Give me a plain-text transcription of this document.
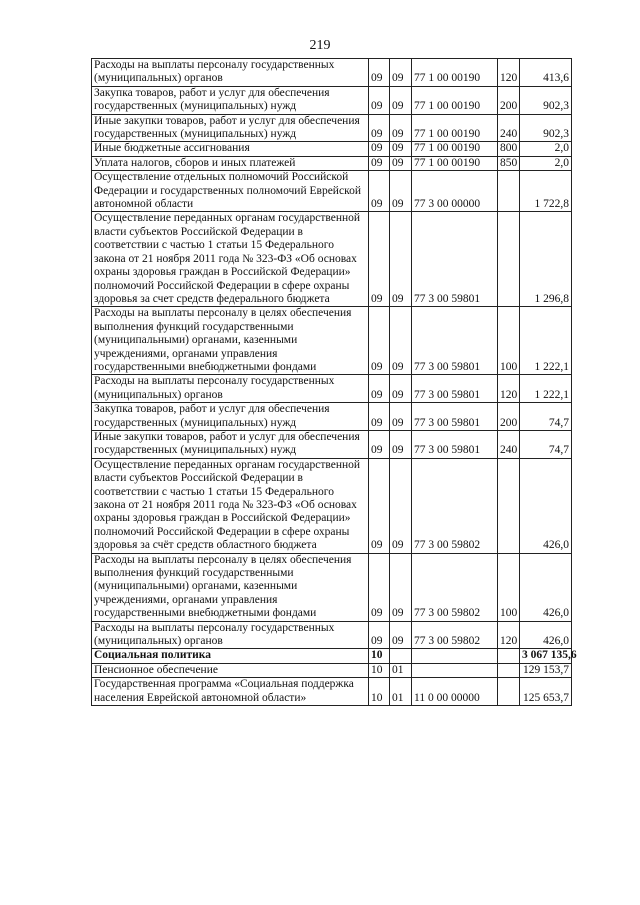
219
Расходы на выплаты персоналу государственных (муниципальных) органов	09	09	77 1 00 00190	120	413,6
Закупка товаров, работ и услуг для обеспечения государственных (муниципальных) нужд	09	09	77 1 00 00190	200	902,3
Иные закупки товаров, работ и услуг для обеспечения государственных (муниципальных) нужд	09	09	77 1 00 00190	240	902,3
Иные бюджетные ассигнования	09	09	77 1 00 00190	800	2,0
Уплата налогов, сборов и иных платежей	09	09	77 1 00 00190	850	2,0
Осуществление отдельных полномочий Российской Федерации и государственных полномочий Еврейской автономной области	09	09	77 3 00 00000		1 722,8
Осуществление переданных органам государственной власти субъектов Российской Федерации в соответствии с частью 1 статьи 15 Федерального закона от 21 ноября 2011 года № 323-ФЗ «Об основах охраны здоровья граждан в Российской Федерации» полномочий Российской Федерации в сфере охраны здоровья за счет средств федерального бюджета	09	09	77 3 00 59801		1 296,8
Расходы на выплаты персоналу в целях обеспечения выполнения функций государственными (муниципальными) органами, казенными учреждениями, органами управления государственными внебюджетными фондами	09	09	77 3 00 59801	100	1 222,1
Расходы на выплаты персоналу государственных (муниципальных) органов	09	09	77 3 00 59801	120	1 222,1
Закупка товаров, работ и услуг для обеспечения государственных (муниципальных) нужд	09	09	77 3 00 59801	200	74,7
Иные закупки товаров, работ и услуг для обеспечения государственных (муниципальных) нужд	09	09	77 3 00 59801	240	74,7
Осуществление переданных органам государственной власти субъектов Российской Федерации в соответствии с частью 1 статьи 15 Федерального закона от 21 ноября 2011 года № 323-ФЗ «Об основах охраны здоровья граждан в Российской Федерации» полномочий Российской Федерации в сфере охраны здоровья за счёт средств областного бюджета	09	09	77 3 00 59802		426,0
Расходы на выплаты персоналу в целях обеспечения выполнения функций государственными (муниципальными) органами, казенными учреждениями, органами управления государственными внебюджетными фондами	09	09	77 3 00 59802	100	426,0
Расходы на выплаты персоналу государственных (муниципальных) органов	09	09	77 3 00 59802	120	426,0
Социальная политика	10				3 067 135,6
Пенсионное обеспечение	10	01			129 153,7
Государственная программа «Социальная поддержка населения Еврейской автономной области»	10	01	11 0 00 00000		125 653,7
